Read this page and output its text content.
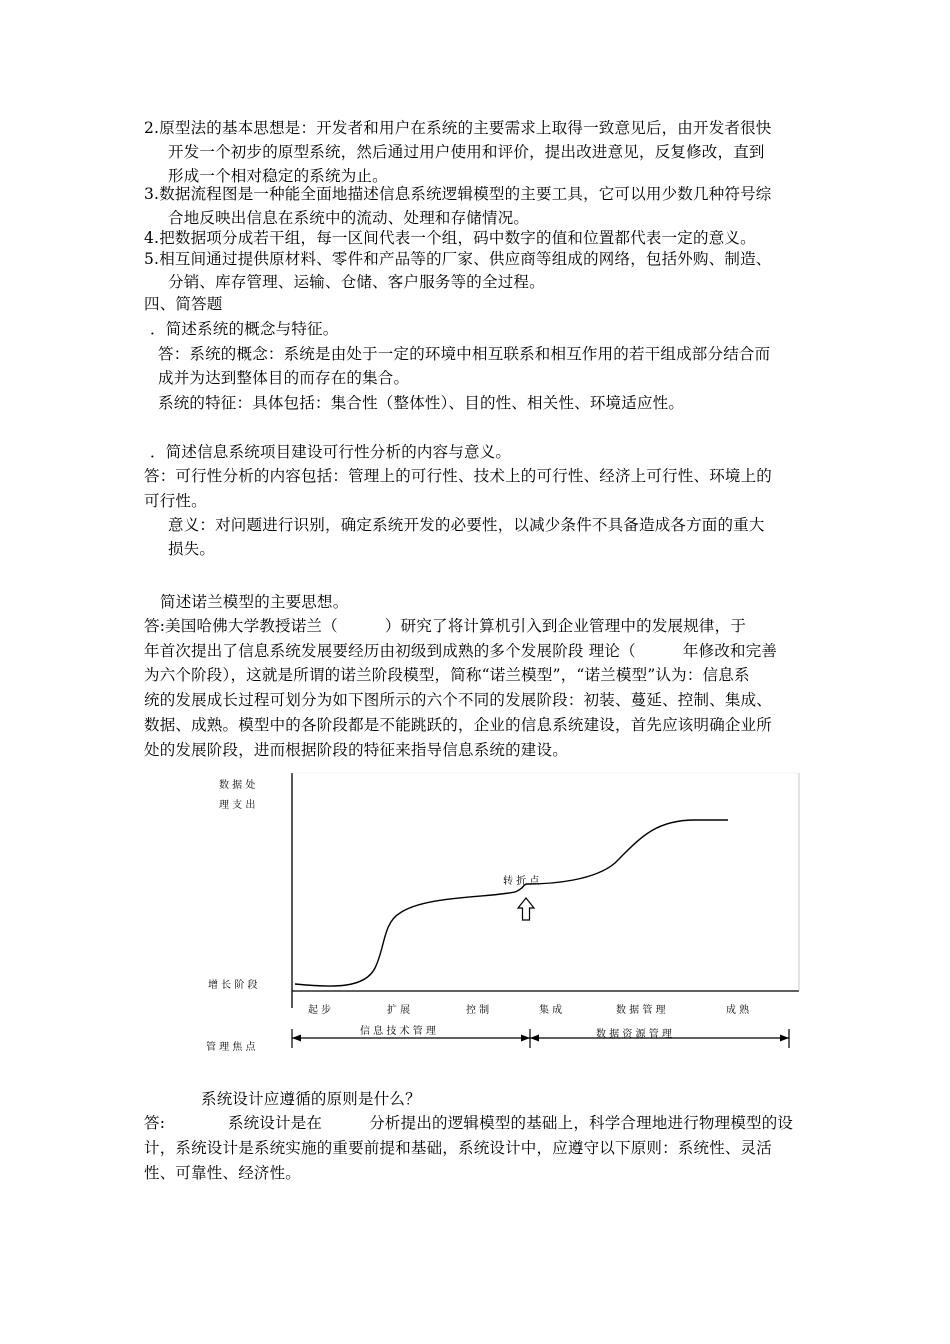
2.原型法的基本思想是：开发者和用户在系统的主要需求上取得一致意见后，由开发者很快
开发一个初步的原型系统，然后通过用户使用和评价，提出改进意见，反复修改，直到
形成一个相对稳定的系统为止。
3.数据流程图是一种能全面地描述信息系统逻辑模型的主要工具，它可以用少数几种符号综
合地反映出信息在系统中的流动、处理和存储情况。
4.把数据项分成若干组，每一区间代表一个组，码中数字的值和位置都代表一定的意义。
5.相互间通过提供原材料、零件和产品等的厂家、供应商等组成的网络，包括外购、制造、
分销、库存管理、运输、仓储、客户服务等的全过程。
四、简答题
．简述系统的概念与特征。
答：系统的概念：系统是由处于一定的环境中相互联系和相互作用的若干组成部分结合而
成并为达到整体目的而存在的集合。
系统的特征：具体包括：集合性（整体性）、目的性、相关性、环境适应性。
．简述信息系统项目建设可行性分析的内容与意义。
答：可行性分析的内容包括：管理上的可行性、技术上的可行性、经济上可行性、环境上的
可行性。
意义：对问题进行识别，确定系统开发的必要性，以减少条件不具备造成各方面的重大
损失。
简述诺兰模型的主要思想。
答:美国哈佛大学教授诺兰（　　　）研究了将计算机引入到企业管理中的发展规律，于
年首次提出了信息系统发展要经历由初级到成熟的多个发展阶段 理论（　　　年修改和完善
为六个阶段），这就是所谓的诺兰阶段模型，简称“诺兰模型”，“诺兰模型”认为：信息系
统的发展成长过程可划分为如下图所示的六个不同的发展阶段：初装、蔓延、控制、集成、
数据、成熟。模型中的各阶段都是不能跳跃的，企业的信息系统建设，首先应该明确企业所
处的发展阶段，进而根据阶段的特征来指导信息系统的建设。
转 折 点
数 据 处
理 支 出
增 长 阶 段
起 步	扩 展	控 制	集 成	数 据 管 理	成 熟
管 理 焦 点
信 息 技 术 管 理	数 据 资 源 管 理
系统设计应遵循的原则是什么？
答:　　　　系统设计是在　　　分析提出的逻辑模型的基础上，科学合理地进行物理模型的设
计，系统设计是系统实施的重要前提和基础，系统设计中，应遵守以下原则：系统性、灵活
性、可靠性、经济性。
